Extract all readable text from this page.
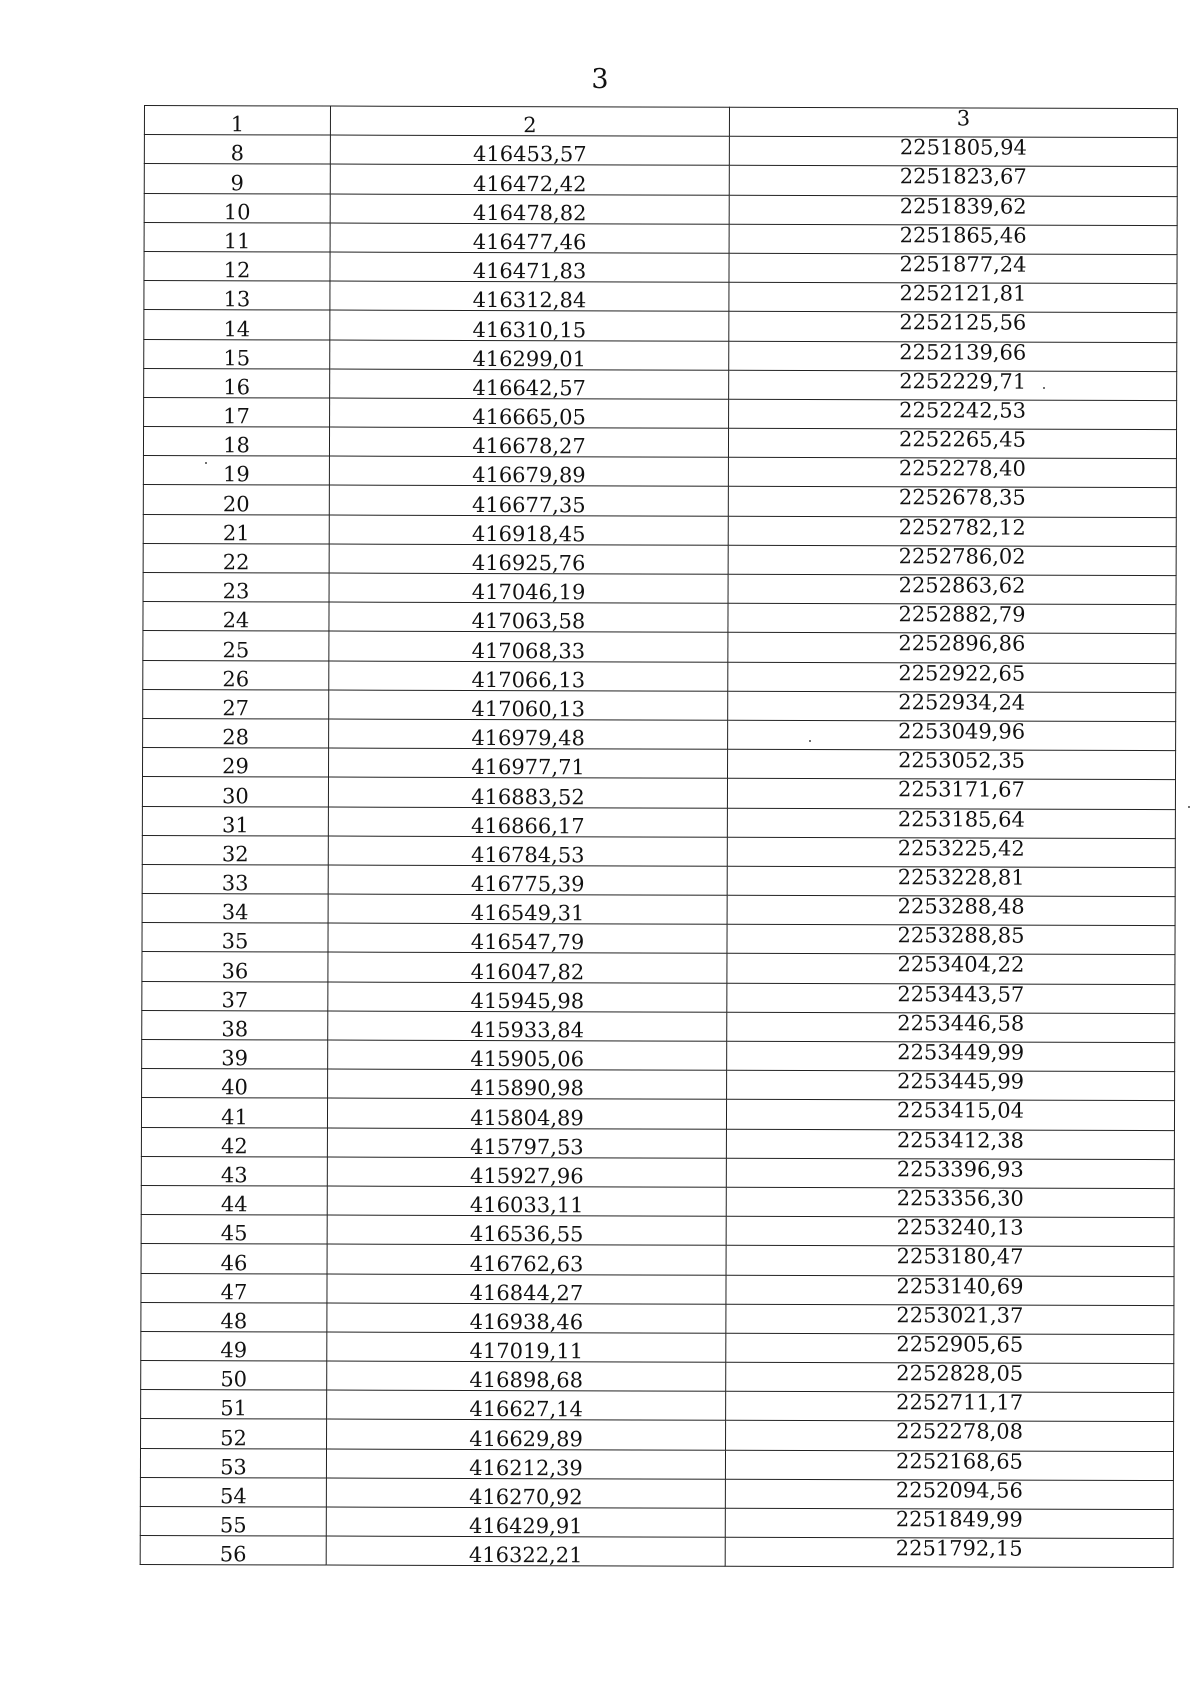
3
1	2	3
8	416453,57	2251805,94
9	416472,42	2251823,67
10	416478,82	2251839,62
11	416477,46	2251865,46
12	416471,83	2251877,24
13	416312,84	2252121,81
14	416310,15	2252125,56
15	416299,01	2252139,66
16	416642,57	2252229,71
17	416665,05	2252242,53
18	416678,27	2252265,45
19	416679,89	2252278,40
20	416677,35	2252678,35
21	416918,45	2252782,12
22	416925,76	2252786,02
23	417046,19	2252863,62
24	417063,58	2252882,79
25	417068,33	2252896,86
26	417066,13	2252922,65
27	417060,13	2252934,24
28	416979,48	2253049,96
29	416977,71	2253052,35
30	416883,52	2253171,67
31	416866,17	2253185,64
32	416784,53	2253225,42
33	416775,39	2253228,81
34	416549,31	2253288,48
35	416547,79	2253288,85
36	416047,82	2253404,22
37	415945,98	2253443,57
38	415933,84	2253446,58
39	415905,06	2253449,99
40	415890,98	2253445,99
41	415804,89	2253415,04
42	415797,53	2253412,38
43	415927,96	2253396,93
44	416033,11	2253356,30
45	416536,55	2253240,13
46	416762,63	2253180,47
47	416844,27	2253140,69
48	416938,46	2253021,37
49	417019,11	2252905,65
50	416898,68	2252828,05
51	416627,14	2252711,17
52	416629,89	2252278,08
53	416212,39	2252168,65
54	416270,92	2252094,56
55	416429,91	2251849,99
56	416322,21	2251792,15
